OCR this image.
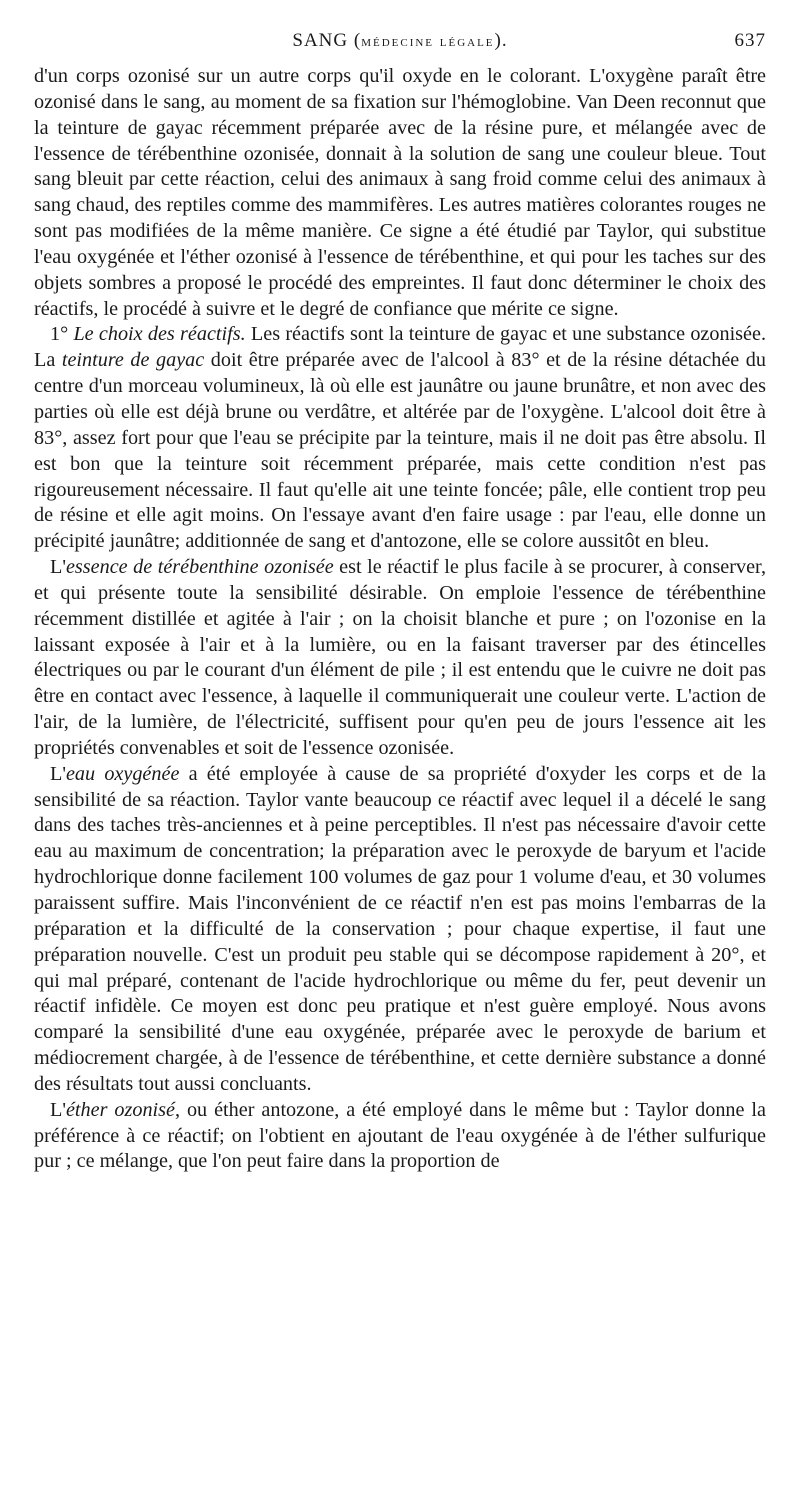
SANG (médecine légale).	637

d'un corps ozonisé sur un autre corps qu'il oxyde en le colorant. L'oxygène paraît être ozonisé dans le sang, au moment de sa fixation sur l'hémoglobine. Van Deen reconnut que la teinture de gayac récemment préparée avec de la résine pure, et mélangée avec de l'essence de térébenthine ozonisée, donnait à la solution de sang une couleur bleue. Tout sang bleuit par cette réaction, celui des animaux à sang froid comme celui des animaux à sang chaud, des reptiles comme des mammifères. Les autres matières colorantes rouges ne sont pas modifiées de la même manière. Ce signe a été étudié par Taylor, qui substitue l'eau oxygénée et l'éther ozonisé à l'essence de térébenthine, et qui pour les taches sur des objets sombres a proposé le procédé des empreintes. Il faut donc déterminer le choix des réactifs, le procédé à suivre et le degré de confiance que mérite ce signe.

1° Le choix des réactifs. Les réactifs sont la teinture de gayac et une substance ozonisée. La teinture de gayac doit être préparée avec de l'alcool à 83° et de la résine détachée du centre d'un morceau volumineux, là où elle est jaunâtre ou jaune brunâtre, et non avec des parties où elle est déjà brune ou verdâtre, et altérée par de l'oxygène. L'alcool doit être à 83°, assez fort pour que l'eau se précipite par la teinture, mais il ne doit pas être absolu. Il est bon que la teinture soit récemment préparée, mais cette condition n'est pas rigoureusement nécessaire. Il faut qu'elle ait une teinte foncée; pâle, elle contient trop peu de résine et elle agit moins. On l'essaye avant d'en faire usage : par l'eau, elle donne un précipité jaunâtre; additionnée de sang et d'antozone, elle se colore aussitôt en bleu.

L'essence de térébenthine ozonisée est le réactif le plus facile à se procurer, à conserver, et qui présente toute la sensibilité désirable. On emploie l'essence de térébenthine récemment distillée et agitée à l'air ; on la choisit blanche et pure ; on l'ozonise en la laissant exposée à l'air et à la lumière, ou en la faisant traverser par des étincelles électriques ou par le courant d'un élément de pile ; il est entendu que le cuivre ne doit pas être en contact avec l'essence, à laquelle il communiquerait une couleur verte. L'action de l'air, de la lumière, de l'électricité, suffisent pour qu'en peu de jours l'essence ait les propriétés convenables et soit de l'essence ozonisée.

L'eau oxygénée a été employée à cause de sa propriété d'oxyder les corps et de la sensibilité de sa réaction. Taylor vante beaucoup ce réactif avec lequel il a décelé le sang dans des taches très-anciennes et à peine perceptibles. Il n'est pas nécessaire d'avoir cette eau au maximum de concentration; la préparation avec le peroxyde de baryum et l'acide hydrochlorique donne facilement 100 volumes de gaz pour 1 volume d'eau, et 30 volumes paraissent suffire. Mais l'inconvénient de ce réactif n'en est pas moins l'embarras de la préparation et la difficulté de la conservation ; pour chaque expertise, il faut une préparation nouvelle. C'est un produit peu stable qui se décompose rapidement à 20°, et qui mal préparé, contenant de l'acide hydrochlorique ou même du fer, peut devenir un réactif infidèle. Ce moyen est donc peu pratique et n'est guère employé. Nous avons comparé la sensibilité d'une eau oxygénée, préparée avec le peroxyde de barium et médiocrement chargée, à de l'essence de térébenthine, et cette dernière substance a donné des résultats tout aussi concluants.

L'éther ozonisé, ou éther antozone, a été employé dans le même but : Taylor donne la préférence à ce réactif; on l'obtient en ajoutant de l'eau oxygénée à de l'éther sulfurique pur ; ce mélange, que l'on peut faire dans la proportion de
